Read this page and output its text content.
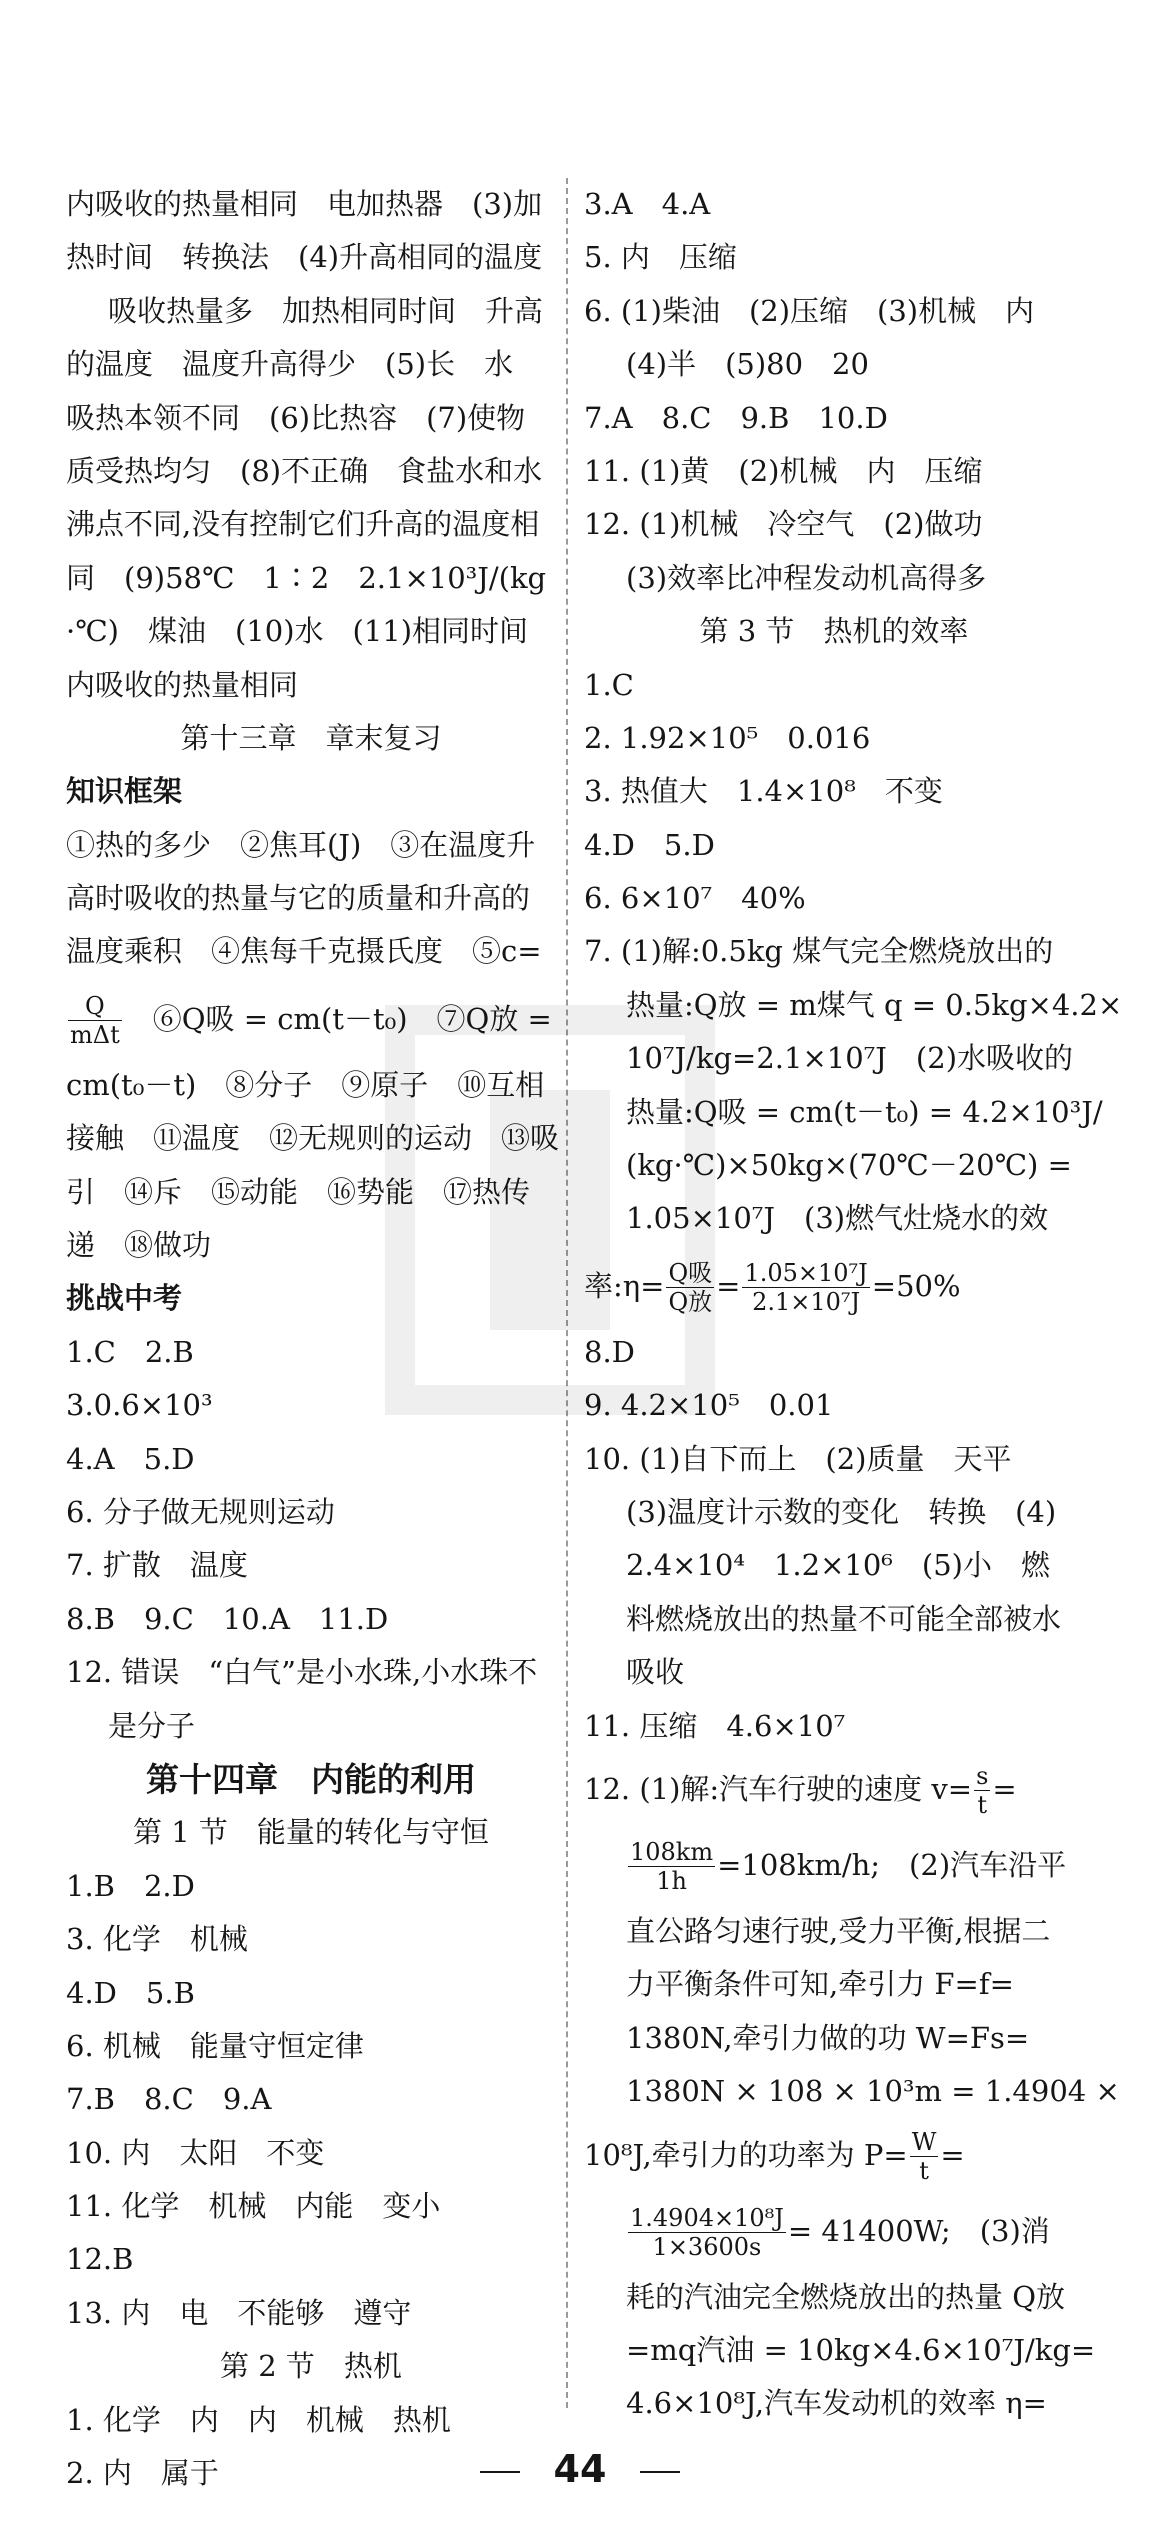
内吸收的热量相同　电加热器　(3)加
热时间　转换法　(4)升高相同的温度
吸收热量多　加热相同时间　升高
的温度　温度升高得少　(5)长　水
吸热本领不同　(6)比热容　(7)使物
质受热均匀　(8)不正确　食盐水和水
沸点不同,没有控制它们升高的温度相
同　(9)58℃　1∶2　2.1×10³J/(kg
·℃)　煤油　(10)水　(11)相同时间
内吸收的热量相同
第十三章　章末复习
知识框架
①热的多少　②焦耳(J)　③在温度升
高时吸收的热量与它的质量和升高的
温度乘积　④焦每千克摄氏度　⑤c=
$\frac{Q}{\text{mΔt}}$ 　⑥Q吸 = cm(t－t₀)　⑦Q放 =
cm(t₀－t)　⑧分子　⑨原子　⑩互相
接触　⑪温度　⑫无规则的运动　⑬吸
引　⑭斥　⑮动能　⑯势能　⑰热传
递　⑱做功
挑战中考
1.C　2.B
3.0.6×10³
4.A　5.D
6. 分子做无规则运动
7. 扩散　温度
8.B　9.C　10.A　11.D
12. 错误　“白气”是小水珠,小水珠不
是分子
第十四章　内能的利用
第 1 节　能量的转化与守恒
1.B　2.D
3. 化学　机械
4.D　5.B
6. 机械　能量守恒定律
7.B　8.C　9.A
10. 内　太阳　不变
11. 化学　机械　内能　变小
12.B
13. 内　电　不能够　遵守
第 2 节　热机
1. 化学　内　内　机械　热机
2. 内　属于
3.A　4.A
5. 内　压缩
6. (1)柴油　(2)压缩　(3)机械　内
(4)半　(5)80　20
7.A　8.C　9.B　10.D
11. (1)黄　(2)机械　内　压缩
12. (1)机械　冷空气　(2)做功
(3)效率比冲程发动机高得多
第 3 节　热机的效率
1.C
2. 1.92×10⁵　0.016
3. 热值大　1.4×10⁸　不变
4.D　5.D
6. 6×10⁷　40%
7. (1)解:0.5kg 煤气完全燃烧放出的
热量:Q放 = m煤气 q = 0.5kg×4.2×
10⁷J/kg=2.1×10⁷J　(2)水吸收的
热量:Q吸 = cm(t－t₀) = 4.2×10³J/
(kg·℃)×50kg×(70℃－20℃) =
1.05×10⁷J　(3)燃气灶烧水的效
率:η= $\frac{\text{Q吸}}{\text{Q放}} = \frac{\text{1.05×10⁷J}}{\text{2.1×10⁷J}} =50\%$
8.D
9. 4.2×10⁵　0.01
10. (1)自下而上　(2)质量　天平
(3)温度计示数的变化　转换　(4)
2.4×10⁴　1.2×10⁶　(5)小　燃
料燃烧放出的热量不可能全部被水
吸收
11. 压缩　4.6×10⁷
12. (1)解:汽车行驶的速度 $v= \frac{s}{t}$ =
$\frac{108km}{1h} =108km/h$;　(2)汽车沿平
直公路匀速行驶,受力平衡,根据二
力平衡条件可知,牵引力 F=f=
1380N,牵引力做的功 W=Fs=
1380N × 108 × 10³m = 1.4904 ×
10⁸J,牵引力的功率为 $P= \frac{W}{t}$ =
$\frac{\text{1.4904×10⁸J}}{1\times 3600s} = 41400W$;　(3)消
耗的汽油完全燃烧放出的热量 Q放
=mq汽油 = 10kg×4.6×10⁷J/kg=
4.6×10⁸J,汽车发动机的效率 η=
44
